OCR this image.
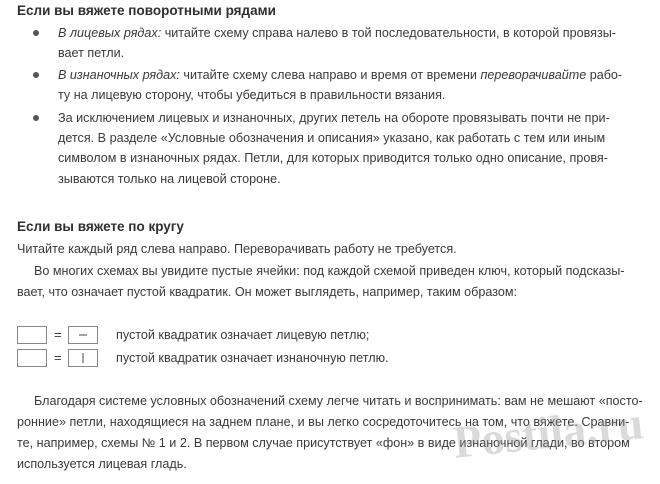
Если вы вяжете поворотными рядами
В лицевых рядах: читайте схему справа налево в той последовательности, в которой провязы-
вает петли.
В изнаночных рядах: читайте схему слева направо и время от времени переворачивайте рабо-
ту на лицевую сторону, чтобы убедиться в правильности вязания.
За исключением лицевых и изнаночных, других петель на обороте провязывать почти не при-
дется. В разделе «Условные обозначения и описания» указано, как работать с тем или иным
символом в изнаночных рядах. Петли, для которых приводится только одно описание, провя-
зываются только на лицевой стороне.
Если вы вяжете по кругу
Читайте каждый ряд слева направо. Переворачивать работу не требуется.
Во многих схемах вы увидите пустые ячейки: под каждой схемой приведен ключ, который подсказы-
вает, что означает пустой квадратик. Он может выглядеть, например, таким образом:
=	пустой квадратик означает лицевую петлю;
=	пустой квадратик означает изнаночную петлю.
Благодаря системе условных обозначений схему легче читать и воспринимать: вам не мешают «посто-
ронние» петли, находящиеся на заднем плане, и вы легко сосредоточитесь на том, что вяжете. Сравни-
те, например, схемы № 1 и 2. В первом случае присутствует «фон» в виде изнаночной глади, во втором
используется лицевая гладь.	Postila.ru
